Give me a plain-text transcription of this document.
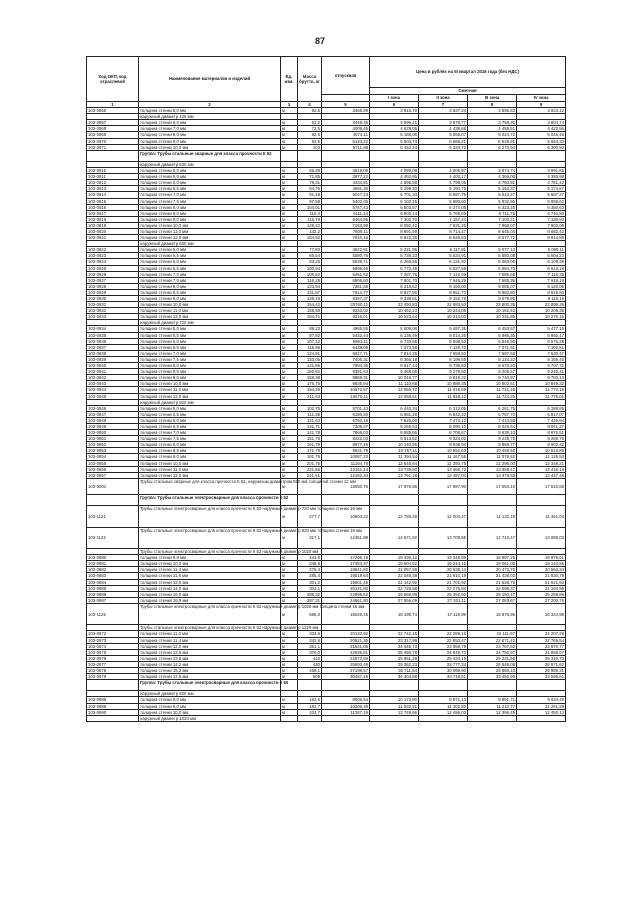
87
Код ОКП, код отраслевой	Наименование материалов и изделий	Ед. изм.	Масса брутто, кг	отпускная	Цена в рублях на III квартал 2016 года (без НДС)			
					Сметная			
					I зона	II зона	III зона	IV зона
1	2	3	4	5	6	7	8	9
103-0868	толщина стенки 8,0 мм	м	92,5	3465,99	3 815,70	3 837,24	3 895,63	3 923,12
	наружный диаметр 426 мм							
103-0867	толщина стенки 6,0 мм	м	62,2	3449,35	3 596,41	3 578,77	3 758,36	3 804,74
103-0868	толщина стенки 7,0 мм	м	72,5	4009,45	4 629,05	4 438,68	4 459,51	4 422,56
103-0869	толщина стенки 8,0 мм	м	82,6	4573,11	5 188,06	5 065,07	5 024,72	5 046,46
103-0870	толщина стенки 9,0 мм	м	92,9	5133,22	5 803,73	5 686,21	5 639,91	5 664,33
103-0871	толщина стенки 10,0 мм	м	103	5711,98	6 452,24	6 323,72	6 273,94	6 300,50
	Группа: Трубы стальные сварные для класса прочности К 52							
	наружный диаметр 530 мм							
103-0810	толщина стенки 5,0 мм	м	65,38	3619,09	4 089,09	4 006,97	3 974,74	3 991,65
103-0811	толщина стенки 5,5 мм	м	71,85	3977,22	4 492,65	4 403,17	4 366,06	4 385,99
103-0812	толщина стенки 6,0 мм	м	78,31	4334,81	4 896,58	4 799,05	4 760,81	4 781,42
103-0813	толщина стенки 6,5 мм	м	84,75	4691,30	5 299,30	5 193,75	5 152,37	5 174,67
103-0814	толщина стенки 7,0 мм	м	91,18	5047,23	5 701,34	5 587,79	5 543,27	5 567,27
103-0815	толщина стенки 7,5 мм	м	97,59	5402,05	6 102,15	5 980,60	5 932,96	5 958,62
103-0816	толщина стенки 8,0 мм	м	104,01	5757,43	6 503,57	6 374,05	6 323,25	6 350,63
103-0817	толщина стенки 9,0 мм	м	110,4	6111,14	6 903,14	6 765,66	6 711,75	6 740,80
103-0818	толщина стенки 9,0 мм	м	116,79	6464,86	7 302,70	7 157,24	7 100,21	7 130,93
103-0819	толщина стенки 10,0 мм	м	129,42	7163,98	8 092,42	7 931,25	7 868,07	7 902,09
103-0820	толщина стенки 11,0 мм	м	142,2	7809,11	8 891,59	8 714,47	8 645,04	8 682,42
103-0821	толщина стенки 12,0 мм	м	154,82	7810,16	8 822,35	8 646,63	8 577,72	8 614,86
	наружный диаметр 630 мм							
103-0822	толщина стенки 5,0 мм	м	77,83	4522,81	5 221,95	5 117,81	5 077,13	5 099,11
103-0823	толщина стенки 5,5 мм	м	85,54	5080,76	5 739,23	5 624,91	5 580,08	5 604,23
103-0824	толщина стенки 6,0 мм	м	93,25	5539,71	6 256,55	6 131,92	6 083,06	6 109,38
103-0825	толщина стенки 6,5 мм	м	100,94	5995,46	6 772,49	6 637,59	6 584,70	6 613,18
103-0826	толщина стенки 7,0 мм	м	108,62	6451,63	7 287,76	7 142,59	7 085,66	7 116,35
103-0827	толщина стенки 7,5 мм	м	116,28	6906,60	7 801,70	7 646,29	7 585,36	7 618,19
103-0828	толщина стенки 8,0 мм	м	123,94	7361,58	8 315,62	8 150,00	8 085,07	8 120,05
103-0829	толщина стенки 8,5 мм	м	131,57	7814,77	8 827,56	8 651,73	8 582,80	8 619,93
103-0830	толщина стенки 9,0 мм	м	139,19	8267,37	9 338,81	9 152,78	9 079,85	9 119,16
103-0831	толщина стенки 10,0 мм	м	154,42	20760,11	23 450,83	22 983,50	22 800,39	22 899,26
103-0832	толщина стенки 11,0 мм	м	169,59	9253,02	10 452,23	10 244,05	10 162,42	10 206,39
103-0833	толщина стенки 12,0 мм	м	184,71	9316,01	10 523,64	10 314,03	10 231,86	10 276,15
	наружный диаметр 720 мм							
103-0834	толщина стенки 5,0 мм	м	89,23	4965,55	5 609,08	5 497,35	5 453,57	5 477,15
103-0835	толщина стенки 5,5 мм	м	97,92	5432,44	6 136,49	6 014,26	5 966,35	5 992,17
103-0836	толщина стенки 6,0 мм	м	107,12	5961,11	6 733,65	6 599,53	6 546,95	6 575,28
103-0837	толщина стенки 6,5 мм	м	115,96	6439,09	7 273,58	7 128,70	7 071,91	7 102,51
103-0838	толщина стенки 7,0 мм	м	124,81	6917,71	7 814,25	7 658,60	7 597,58	7 630,47
103-0839	толщина стенки 7,5 мм	м	133,05	7406,31	8 366,18	8 199,55	8 134,22	8 169,40
103-0840	толщина стенки 8,0 мм	м	141,86	7894,35	8 917,44	8 739,83	8 670,20	8 707,71
103-0841	толщина стенки 8,5 мм	м	150,62	8381,63	9 468,05	9 279,50	9 205,57	9 245,41
103-0842	толщина стенки 9,0 мм	м	159,38	8869,31	10 018,77	9 819,22	9 740,97	9 783,13
103-0843	толщина стенки 10,0 мм	м	176,75	9835,94	11 110,68	10 889,35	10 802,61	10 849,32
103-0844	толщина стенки 11,0 мм	м	194,25	10672,57	12 055,72	11 815,59	11 721,46	11 772,19
103-0845	толщина стенки 12,0 мм	м	211,63	10675,11	12 058,61	11 818,42	11 724,26	11 775,01
	наружный диаметр 820 мм							
103-0846	толщина стенки 5,0 мм	м	102,75	5701,43	6 440,34	6 312,05	6 261,75	6 288,85
103-0847	толщина стенки 5,5 мм	м	111,38	6180,30	6 981,28	6 842,22	6 787,70	6 817,07
103-0848	толщина стенки 6,0 мм	м	121,63	6750,16	7 625,00	7 473,12	7 413,58	7 445,64
103-0849	толщина стенки 6,5 мм	м	131,71	7308,37	8 255,53	8 090,10	8 026,64	8 061,37
103-0850	толщина стенки 7,0 мм	м	141,78	7866,03	8 885,66	8 708,67	8 639,10	8 676,51
103-0851	толщина стенки 7,5 мм	м	151,78	8422,03	9 513,52	9 324,02	9 249,75	9 289,78
103-0852	толщина стенки 8,0 мм	м	161,79	8977,46	10 140,95	9 938,94	9 859,77	9 902,42
103-0853	толщина стенки 8,5 мм	м	171,78	9531,79	10 767,11	10 552,63	10 468,58	10 513,86
103-0854	толщина стенки 9,0 мм	м	181,79	10087,23	11 394,54	11 167,58	11 078,62	11 126,53
103-0855	толщина стенки 10,0 мм	м	201,75	11194,76	12 645,64	12 393,75	12 295,00	12 348,21
103-0856	толщина стенки 11,0 мм	м	221,55	12161,14	13 739,80	13 465,72	13 358,47	13 416,18
103-0857	толщина стенки 12,0 мм	м	241,51	12182,33	13 761,18	13 487,04	13 379,59	13 437,48
103-9001	Трубы стальные сварные для класса прочности К 52, наружным диаметром 920 мм толщиной стенки 12 мм	м		15050,76	17 976,85	17 987,90	17 553,10	17 610,68
	Группа: Трубы стальные электросварные для класса прочности К 52							
103-1121	Трубы стальные электросварные для класса прочности К 52 наружный диаметр 720 мм толщина стенки 16 мм	м	277,7	10903,22	12 789,49	12 004,47	11 132,19	11 461,04
103-1122	Трубы стальные электросварные для класса прочности К 52 наружный диаметр 820 мм толщина стенки 16 мм	м	317,1	12451,98	14 571,92	13 709,65	12 713,47	13 089,03
	Трубы стальные электросварные для класса прочности К 52 наружный диаметр 1020 мм							
103-0880	толщина стенки 9,8 мм	м	241,6	17205,19	19 436,12	19 048,99	18 897,25	18 979,01
103-0881	толщина стенки 10,0 мм	м	248,8	17353,37	19 604,62	19 214,15	19 061,05	19 143,55
103-0882	толщина стенки 11,4 мм	м	276,4	18641,82	21 057,59	20 638,14	20 473,75	20 562,34
103-0883	толщина стенки 11,6 мм	м	285,4	19518,64	22 049,39	21 610,19	21 438,02	21 530,79
103-0884	толщина стенки 12,0 мм	м	301,2	19601,45	22 142,92	21 701,92	21 528,76	21 621,93
103-0885	толщина стенки 14,0 мм	м	303,1	20121,80	22 729,58	22 276,84	22 099,37	22 194,99
103-0886	толщина стенки 16,0 мм	м	388,32	22895,52	25 868,99	25 352,50	25 150,17	25 258,96
103-0887	толщина стенки 16,9 мм	м	387,31	24661,80	27 856,09	27 301,11	27 083,67	27 200,76
103-1125	Трубы стальные электросварные для класса прочности К 52 наружный диаметр 1020 мм толщина стенки 16 мм	м	566,0	15549,45	18 190,74	17 119,99	15 875,86	16 344,98
	Трубы стальные электросварные для класса прочности К 52 наружный диаметр 1220 мм							
103-0872	толщина стенки 11,0 мм	м	333,5	20132,92	22 742,15	22 289,16	22 111,57	22 207,28
103-0873	толщина стенки 11,4 мм	м	342,9	20621,36	23 317,99	22 853,47	22 671,42	22 769,54
103-0874	толщина стенки 12,0 мм	м	361,1	21641,05	24 445,73	23 958,79	23 767,92	23 870,77
103-0875	толщина стенки 12,5 мм	м	376,0	22535,81	25 456,78	24 949,73	24 750,97	24 858,07
103-0876	толщина стенки 13,8 мм	м	415	22973,69	25 951,29	25 434,19	25 231,56	25 340,73
103-0877	толщина стенки 14,2 мм	м	430	25993,49	29 362,23	28 777,34	28 548,08	28 671,62
103-0878	толщина стенки 15,2 мм	м	458,1	27198,57	30 711,64	30 099,90	29 860,10	29 989,31
103-0879	толщина стенки 17,5 мм	м	509	30457,48	34 404,88	33 719,51	33 450,96	33 595,61
	Группа: Трубы стальные электросварные для класса прочности К 60							
	наружный диаметр 820 мм							
103-0888	толщина стенки 8,0 мм	м	162,6	8006,54	10 173,80	9 971,13	9 891,71	9 934,49
103-0889	толщина стенки 9,0 мм	м	182,7	10206,39	11 532,51	11 302,82	11 212,77	11 261,28
103-0890	толщина стенки 10,0 мм	м	202,7	11287,19	12 749,96	12 496,03	12 396,49	12 450,13
	наружный диаметр 1020 мм							
